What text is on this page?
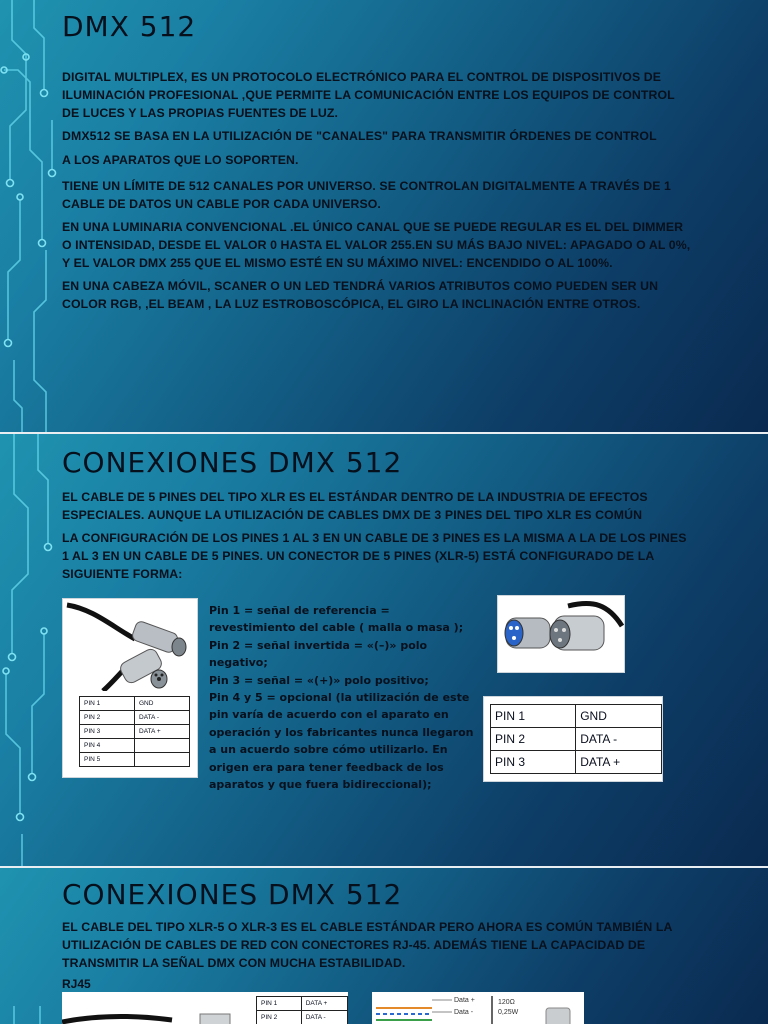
DMX 512

DIGITAL MULTIPLEX, ES UN PROTOCOLO ELECTRÓNICO PARA EL CONTROL DE DISPOSITIVOS DE ILUMINACIÓN PROFESIONAL ,QUE PERMITE LA COMUNICACIÓN ENTRE LOS EQUIPOS DE CONTROL DE LUCES Y LAS PROPIAS FUENTES DE LUZ.

DMX512 SE BASA EN LA UTILIZACIÓN DE "CANALES" PARA TRANSMITIR ÓRDENES DE CONTROL

A LOS APARATOS QUE LO SOPORTEN.

TIENE UN LÍMITE DE 512 CANALES POR UNIVERSO. SE CONTROLAN DIGITALMENTE A TRAVÉS DE 1 CABLE DE DATOS UN CABLE POR CADA UNIVERSO.

EN UNA LUMINARIA CONVENCIONAL .EL ÚNICO CANAL QUE SE PUEDE REGULAR ES EL DEL DIMMER O INTENSIDAD, DESDE EL VALOR 0 HASTA EL VALOR 255.EN SU MÁS BAJO NIVEL: APAGADO O AL 0%, Y EL VALOR DMX 255 QUE EL MISMO ESTÉ EN SU MÁXIMO NIVEL: ENCENDIDO O AL 100%.

EN UNA CABEZA MÓVIL, SCANER O UN LED TENDRÁ VARIOS ATRIBUTOS COMO PUEDEN SER UN COLOR RGB, ,EL BEAM , LA LUZ ESTROBOSCÓPICA, EL GIRO LA INCLINACIÓN ENTRE OTROS.

CONEXIONES DMX 512

EL CABLE DE 5 PINES DEL TIPO XLR ES EL ESTÁNDAR DENTRO DE LA INDUSTRIA DE EFECTOS ESPECIALES. AUNQUE LA UTILIZACIÓN DE CABLES DMX DE 3 PINES DEL TIPO XLR ES COMÚN

LA CONFIGURACIÓN DE LOS PINES 1 AL 3 EN UN CABLE DE 3 PINES ES LA MISMA A LA DE LOS PINES 1 AL 3 EN UN CABLE DE 5 PINES. UN CONECTOR DE 5 PINES (XLR-5) ESTÁ CONFIGURADO DE LA SIGUIENTE FORMA:

PIN 1	GND
PIN 2	DATA -
PIN 3	DATA +
PIN 4	
PIN 5	
Pin 1 = señal de referencia = revestimiento del cable ( malla o masa );
Pin 2 = señal invertida = «(–)» polo negativo;
Pin 3 = señal = «(+)» polo positivo;
Pin 4 y 5 = opcional (la utilización de este pin varía de acuerdo con el aparato en operación y los fabricantes nunca llegaron a un acuerdo sobre cómo utilizarlo. En origen era para tener feedback de los aparatos y que fuera bidireccional);
PIN 1	GND
PIN 2	DATA -
PIN 3	DATA +
CONEXIONES DMX 512

EL CABLE DEL TIPO XLR-5 O XLR-3 ES EL CABLE ESTÁNDAR PERO AHORA ES COMÚN TAMBIÉN LA UTILIZACIÓN DE CABLES DE RED CON CONECTORES RJ-45. ADEMÁS TIENE LA CAPACIDAD DE TRANSMITIR LA SEÑAL DMX CON MUCHA ESTABILIDAD.

RJ45

PIN 1	DATA +
PIN 2	DATA -
Data +
Data -
120Ω
0,25W
